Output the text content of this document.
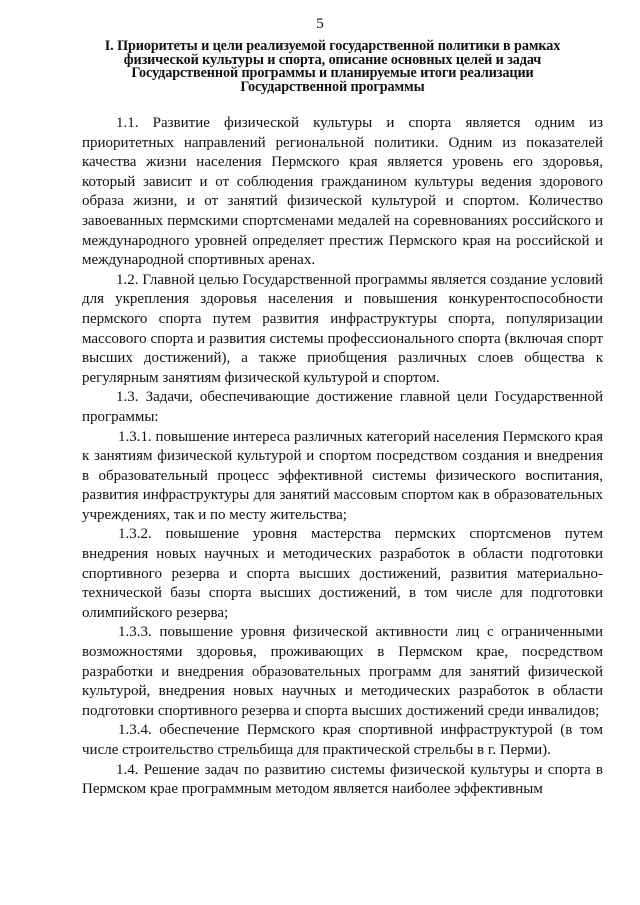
5
I. Приоритеты и цели реализуемой государственной политики в рамках
физической культуры и спорта, описание основных целей и задач
Государственной программы и планируемые итоги реализации
Государственной программы

1.1. Развитие физической культуры и спорта является одним из приоритетных направлений региональной политики. Одним из показателей качества жизни населения Пермского края является уровень его здоровья, который зависит и от соблюдения гражданином культуры ведения здорового образа жизни, и от занятий физической культурой и спортом. Количество завоеванных пермскими спортсменами медалей на соревнованиях российского и международного уровней определяет престиж Пермского края на российской и международной спортивных аренах.

1.2. Главной целью Государственной программы является создание условий для укрепления здоровья населения и повышения конкурентоспособности пермского спорта путем развития инфраструктуры спорта, популяризации массового спорта и развития системы профессионального спорта (включая спорт высших достижений), а также приобщения различных слоев общества к регулярным занятиям физической культурой и спортом.

1.3. Задачи, обеспечивающие достижение главной цели Государственной программы:

1.3.1. повышение интереса различных категорий населения Пермского края к занятиям физической культурой и спортом посредством создания и внедрения в образовательный процесс эффективной системы физического воспитания, развития инфраструктуры для занятий массовым спортом как в образовательных учреждениях, так и по месту жительства;

1.3.2. повышение уровня мастерства пермских спортсменов путем внедрения новых научных и методических разработок в области подготовки спортивного резерва и спорта высших достижений, развития материально-технической базы спорта высших достижений, в том числе для подготовки олимпийского резерва;

1.3.3. повышение уровня физической активности лиц с ограниченными возможностями здоровья, проживающих в Пермском крае, посредством разработки и внедрения образовательных программ для занятий физической культурой, внедрения новых научных и методических разработок в области подготовки спортивного резерва и спорта высших достижений среди инвалидов;

1.3.4. обеспечение Пермского края спортивной инфраструктурой (в том числе строительство стрельбища для практической стрельбы в г. Перми).

1.4. Решение задач по развитию системы физической культуры и спорта в Пермском крае программным методом является наиболее эффективным
